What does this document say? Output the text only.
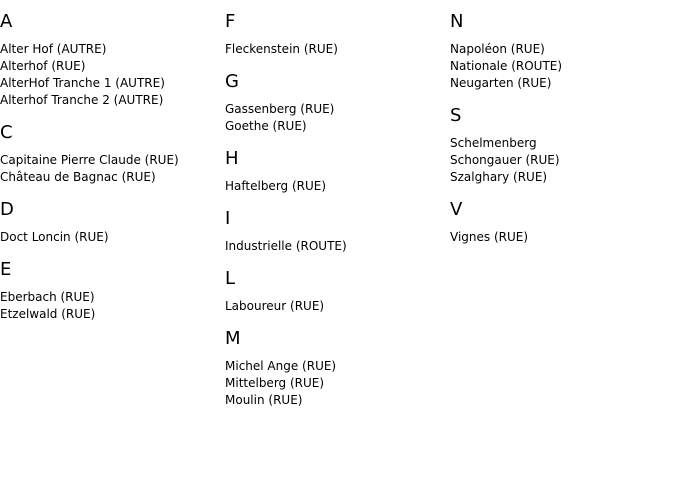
A
Alter Hof (AUTRE)
Alterhof (RUE)
AlterHof Tranche 1 (AUTRE)
Alterhof Tranche 2 (AUTRE)
C
Capitaine Pierre Claude (RUE)
Château de Bagnac (RUE)
D
Doct Loncin (RUE)
E
Eberbach (RUE)
Etzelwald (RUE)
F
Fleckenstein (RUE)
G
Gassenberg (RUE)
Goethe (RUE)
H
Haftelberg (RUE)
I
Industrielle (ROUTE)
L
Laboureur (RUE)
M
Michel Ange (RUE)
Mittelberg (RUE)
Moulin (RUE)
N
Napoléon (RUE)
Nationale (ROUTE)
Neugarten (RUE)
S
Schelmenberg
Schongauer (RUE)
Szalghary (RUE)
V
Vignes (RUE)
